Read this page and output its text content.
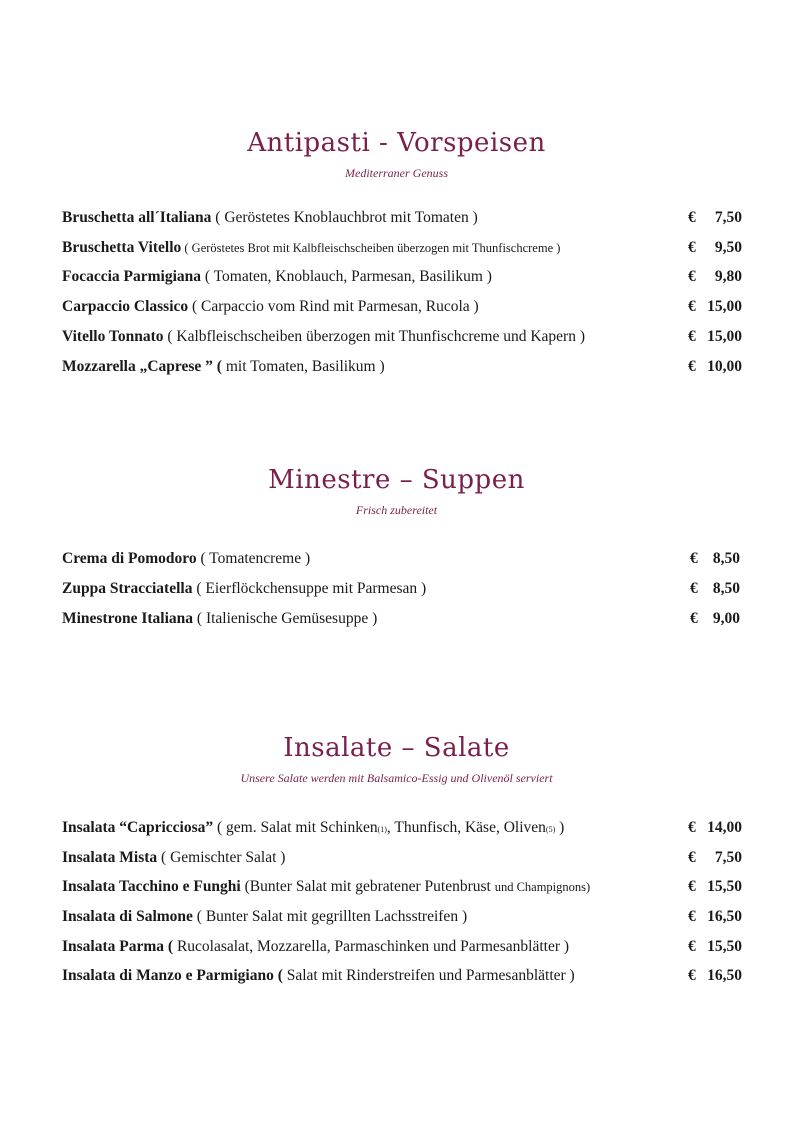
Antipasti - Vorspeisen
Mediterraner Genuss
Bruschetta all´Italiana ( Geröstetes Knoblauchbrot mit Tomaten )	€ 7,50
Bruschetta Vitello ( Geröstetes Brot mit Kalbfleischscheiben überzogen mit Thunfischcreme )	€ 9,50
Focaccia Parmigiana ( Tomaten, Knoblauch, Parmesan, Basilikum )	€ 9,80
Carpaccio Classico ( Carpaccio vom Rind mit Parmesan, Rucola )	€ 15,00
Vitello Tonnato ( Kalbfleischscheiben überzogen mit Thunfischcreme und Kapern )	€ 15,00
Mozzarella „Caprese ” ( mit Tomaten, Basilikum )	€ 10,00
Minestre – Suppen
Frisch zubereitet
Crema di Pomodoro ( Tomatencreme )	€ 8,50
Zuppa Stracciatella ( Eierflöckchensuppe mit Parmesan )	€ 8,50
Minestrone Italiana ( Italienische Gemüsesuppe )	€ 9,00
Insalate – Salate
Unsere Salate werden mit Balsamico-Essig und Olivenöl serviert
Insalata “Capricciosa” ( gem. Salat mit Schinken(1), Thunfisch, Käse, Oliven(5) )	€ 14,00
Insalata Mista ( Gemischter Salat )	€ 7,50
Insalata Tacchino e Funghi (Bunter Salat mit gebratener Putenbrust und Champignons)	€ 15,50
Insalata di Salmone ( Bunter Salat mit gegrillten Lachsstreifen )	€ 16,50
Insalata Parma ( Rucolasalat, Mozzarella, Parmaschinken und Parmesanblätter )	€ 15,50
Insalata di Manzo e Parmigiano ( Salat mit Rinderstreifen und Parmesanblätter )	€ 16,50
